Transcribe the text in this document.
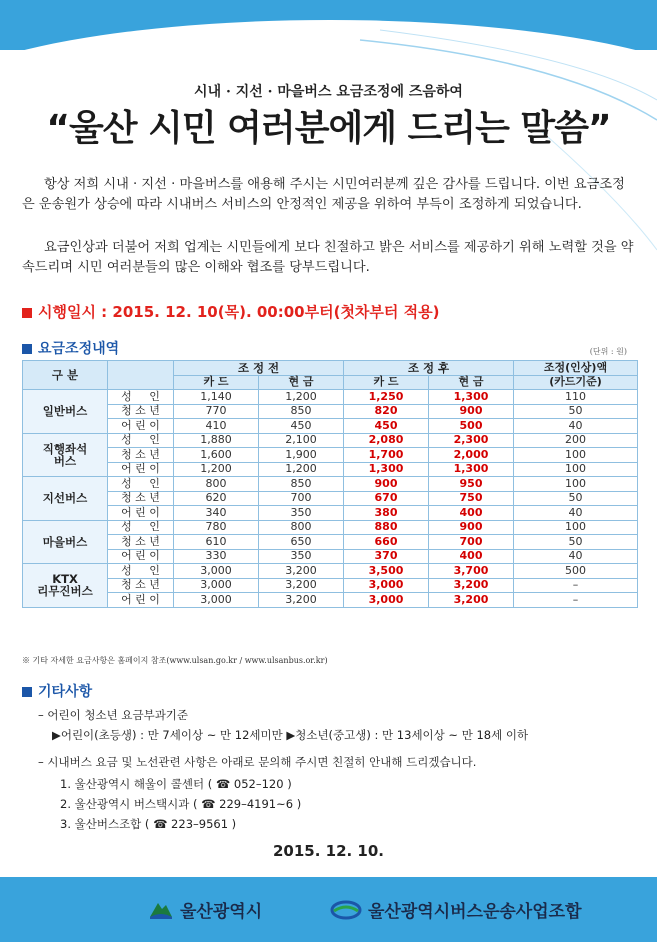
시내 · 지선 · 마을버스 요금조정에 즈음하여
“울산 시민 여러분에게 드리는 말씀”
항상 저희 시내 · 지선 · 마을버스를 애용해 주시는 시민여러분께 깊은 감사를 드립니다. 이번 요금조정은 운송원가 상승에 따라 시내버스 서비스의 안정적인 제공을 위하여 부득이 조정하게 되었습니다.
요금인상과 더불어 저희 업계는 시민들에게 보다 친절하고 밝은 서비스를 제공하기 위해 노력할 것을 약속드리며 시민 여러분들의 많은 이해와 협조를 당부드립니다.
시행일시 : 2015. 12. 10(목). 00:00부터(첫차부터 적용)
요금조정내역	(단위 : 원)
구 분		조 정 전		조 정 후		조정(인상)액
		카 드	현 금	카 드	현 금	(카드기준)

일반버스	성     인	1,140	1,200	1,250	1,300	110
	청 소 년	770	850	820	900	50
	어 린 이	410	450	450	500	40

직행좌석
버스	성     인	1,880	2,100	2,080	2,300	200
	청 소 년	1,600	1,900	1,700	2,000	100
	어 린 이	1,200	1,200	1,300	1,300	100

지선버스	성     인	800	850	900	950	100
	청 소 년	620	700	670	750	50
	어 린 이	340	350	380	400	40

마을버스	성     인	780	800	880	900	100
	청 소 년	610	650	660	700	50
	어 린 이	330	350	370	400	40

KTX
리무진버스	성     인	3,000	3,200	3,500	3,700	500
	청 소 년	3,000	3,200	3,000	3,200	–
	어 린 이	3,000	3,200	3,000	3,200	–
※ 기타 자세한 요금사항은 홈페이지 참조(www.ulsan.go.kr / www.ulsanbus.or.kr)
기타사항
– 어린이 청소년 요금부과기준
▶어린이(초등생) : 만 7세이상 ~ 만 12세미만 ▶청소년(중고생) : 만 13세이상 ~ 만 18세 이하
– 시내버스 요금 및 노선관련 사항은 아래로 문의해 주시면 친절히 안내해 드리겠습니다.
1. 울산광역시 해울이 콜센터 ( ☎ 052–120 )
2. 울산광역시 버스택시과 ( ☎ 229–4191~6 )
3. 울산버스조합 ( ☎ 223–9561 )
2015. 12. 10.
울산광역시	울산광역시버스운송사업조합
